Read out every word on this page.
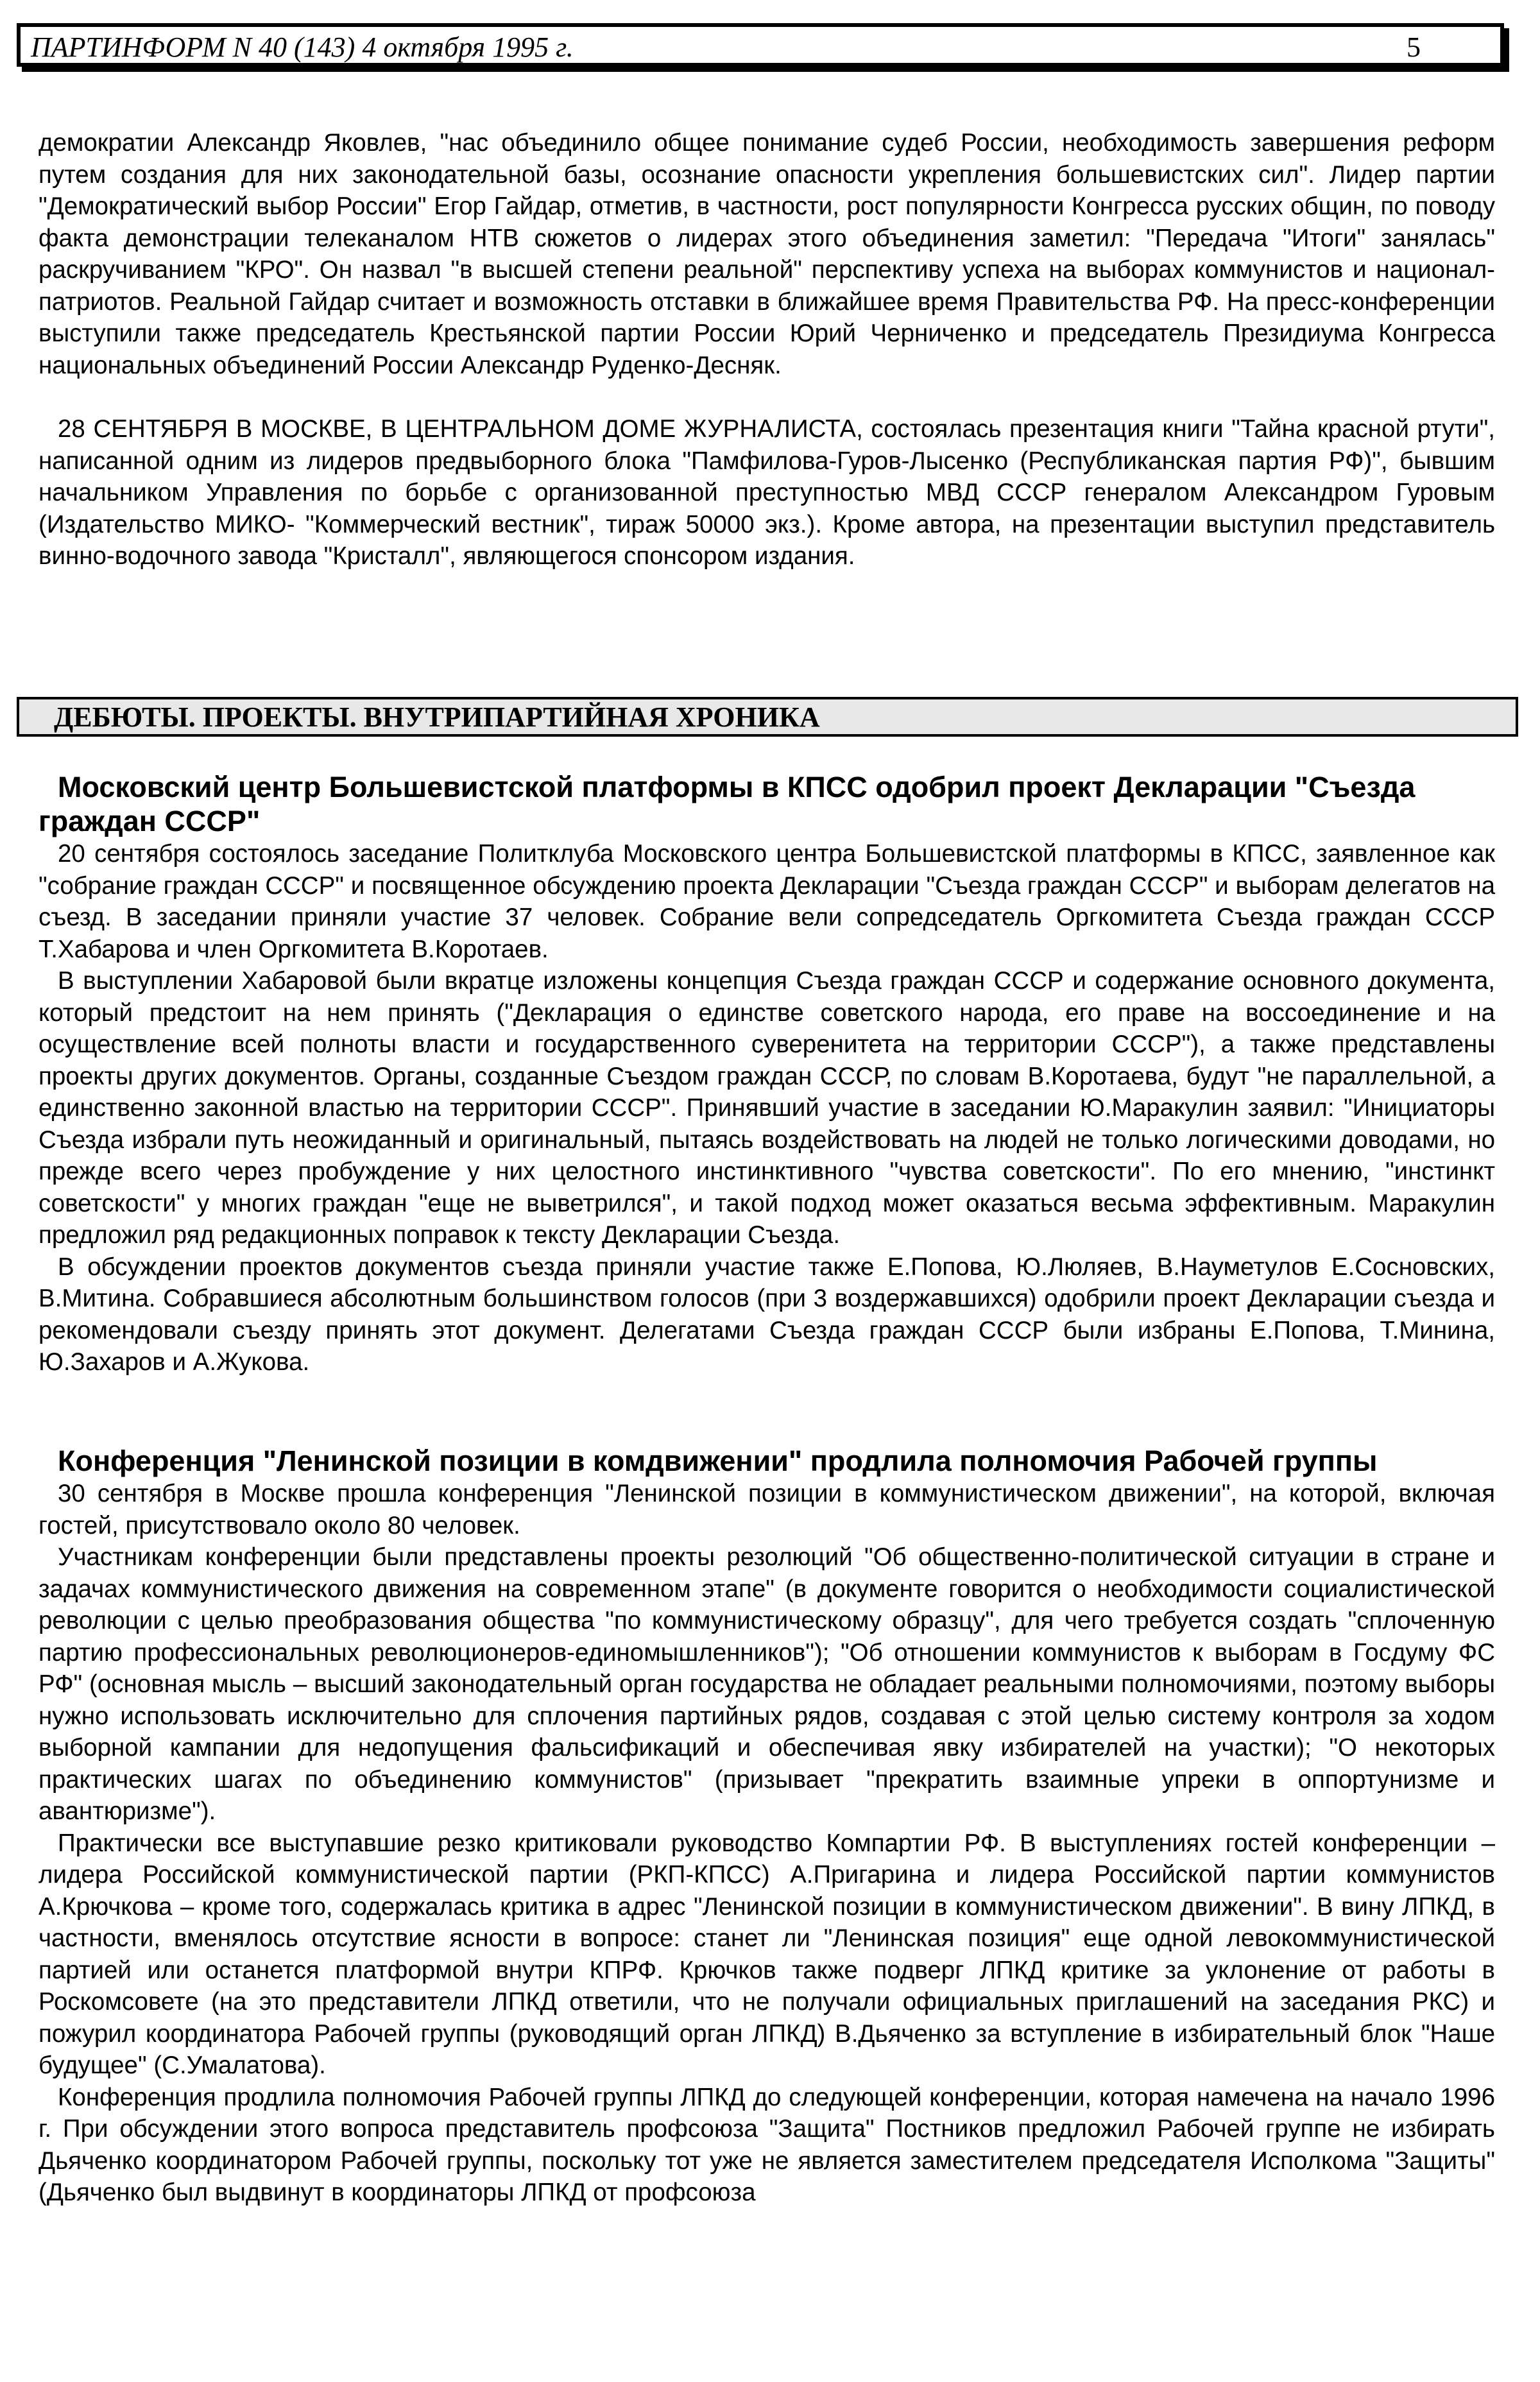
ПАРТИНФОРМ N 40 (143) 4 октября 1995 г.	5

демократии Александр Яковлев, "нас объединило общее понимание судеб России, необходимость завершения реформ путем создания для них законодательной базы, осознание опасности укрепления большевистских сил". Лидер партии "Демократический выбор России" Егор Гайдар, отметив, в частности, рост популярности Конгресса русских общин, по поводу факта демонстрации телеканалом НТВ сюжетов о лидерах этого объединения заметил: "Передача "Итоги" занялась" раскручиванием "КРО". Он назвал "в высшей степени реальной" перспективу успеха на выборах коммунистов и национал-патриотов. Реальной Гайдар считает и возможность отставки в ближайшее время Правительства РФ. На пресс-конференции выступили также председатель Крестьянской партии России Юрий Черниченко и председатель Президиума Конгресса национальных объединений России Александр Руденко-Десняк.

28 СЕНТЯБРЯ В МОСКВЕ, В ЦЕНТРАЛЬНОМ ДОМЕ ЖУРНАЛИСТА, состоялась презентация книги "Тайна красной ртути", написанной одним из лидеров предвыборного блока "Памфилова-Гуров-Лысенко (Республиканская партия РФ)", бывшим начальником Управления по борьбе с организованной преступностью МВД СССР генералом Александром Гуровым (Издательство МИКО- "Коммерческий вестник", тираж 50000 экз.). Кроме автора, на презентации выступил представитель винно-водочного завода "Кристалл", являющегося спонсором издания.

ДЕБЮТЫ. ПРОЕКТЫ. ВНУТРИПАРТИЙНАЯ ХРОНИКА

Московский центр Большевистской платформы в КПСС одобрил проект Декларации "Съезда граждан СССР"

20 сентября состоялось заседание Политклуба Московского центра Большевистской платформы в КПСС, заявленное как "собрание граждан СССР" и посвященное обсуждению проекта Декларации "Съезда граждан СССР" и выборам делегатов на съезд. В заседании приняли участие 37 человек. Собрание вели сопредседатель Оргкомитета Съезда граждан СССР Т.Хабарова и член Оргкомитета В.Коротаев.

В выступлении Хабаровой были вкратце изложены концепция Съезда граждан СССР и содержание основного документа, который предстоит на нем принять ("Декларация о единстве советского народа, его праве на воссоединение и на осуществление всей полноты власти и государственного суверенитета на территории СССР"), а также представлены проекты других документов. Органы, созданные Съездом граждан СССР, по словам В.Коротаева, будут "не параллельной, а единственно законной властью на территории СССР". Принявший участие в заседании Ю.Маракулин заявил: "Инициаторы Съезда избрали путь неожиданный и оригинальный, пытаясь воздействовать на людей не только логическими доводами, но прежде всего через пробуждение у них целостного инстинктивного "чувства советскости". По его мнению, "инстинкт советскости" у многих граждан "еще не выветрился", и такой подход может оказаться весьма эффективным. Маракулин предложил ряд редакционных поправок к тексту Декларации Съезда.

В обсуждении проектов документов съезда приняли участие также Е.Попова, Ю.Люляев, В.Науметулов Е.Сосновских, В.Митина. Собравшиеся абсолютным большинством голосов (при 3 воздержавшихся) одобрили проект Декларации съезда и рекомендовали съезду принять этот документ. Делегатами Съезда граждан СССР были избраны Е.Попова, Т.Минина, Ю.Захаров и А.Жукова.

Конференция "Ленинской позиции в комдвижении" продлила полномочия Рабочей группы

30 сентября в Москве прошла конференция "Ленинской позиции в коммунистическом движении", на которой, включая гостей, присутствовало около 80 человек.

Участникам конференции были представлены проекты резолюций "Об общественно-политической ситуации в стране и задачах коммунистического движения на современном этапе" (в документе говорится о необходимости социалистической революции с целью преобразования общества "по коммунистическому образцу", для чего требуется создать "сплоченную партию профессиональных революционеров-единомышленников"); "Об отношении коммунистов к выборам в Госдуму ФС РФ" (основная мысль – высший законодательный орган государства не обладает реальными полномочиями, поэтому выборы нужно использовать исключительно для сплочения партийных рядов, создавая с этой целью систему контроля за ходом выборной кампании для недопущения фальсификаций и обеспечивая явку избирателей на участки); "О некоторых практических шагах по объединению коммунистов" (призывает "прекратить взаимные упреки в оппортунизме и авантюризме").

Практически все выступавшие резко критиковали руководство Компартии РФ. В выступлениях гостей конференции – лидера Российской коммунистической партии (РКП-КПСС) А.Пригарина и лидера Российской партии коммунистов А.Крючкова – кроме того, содержалась критика в адрес "Ленинской позиции в коммунистическом движении". В вину ЛПКД, в частности, вменялось отсутствие ясности в вопросе: станет ли "Ленинская позиция" еще одной левокоммунистической партией или останется платформой внутри КПРФ. Крючков также подверг ЛПКД критике за уклонение от работы в Роскомсовете (на это представители ЛПКД ответили, что не получали официальных приглашений на заседания РКС) и пожурил координатора Рабочей группы (руководящий орган ЛПКД) В.Дьяченко за вступление в избирательный блок "Наше будущее" (С.Умалатова).

Конференция продлила полномочия Рабочей группы ЛПКД до следующей конференции, которая намечена на начало 1996 г. При обсуждении этого вопроса представитель профсоюза "Защита" Постников предложил Рабочей группе не избирать Дьяченко координатором Рабочей группы, поскольку тот уже не является заместителем председателя Исполкома "Защиты" (Дьяченко был выдвинут в координаторы ЛПКД от профсоюза
